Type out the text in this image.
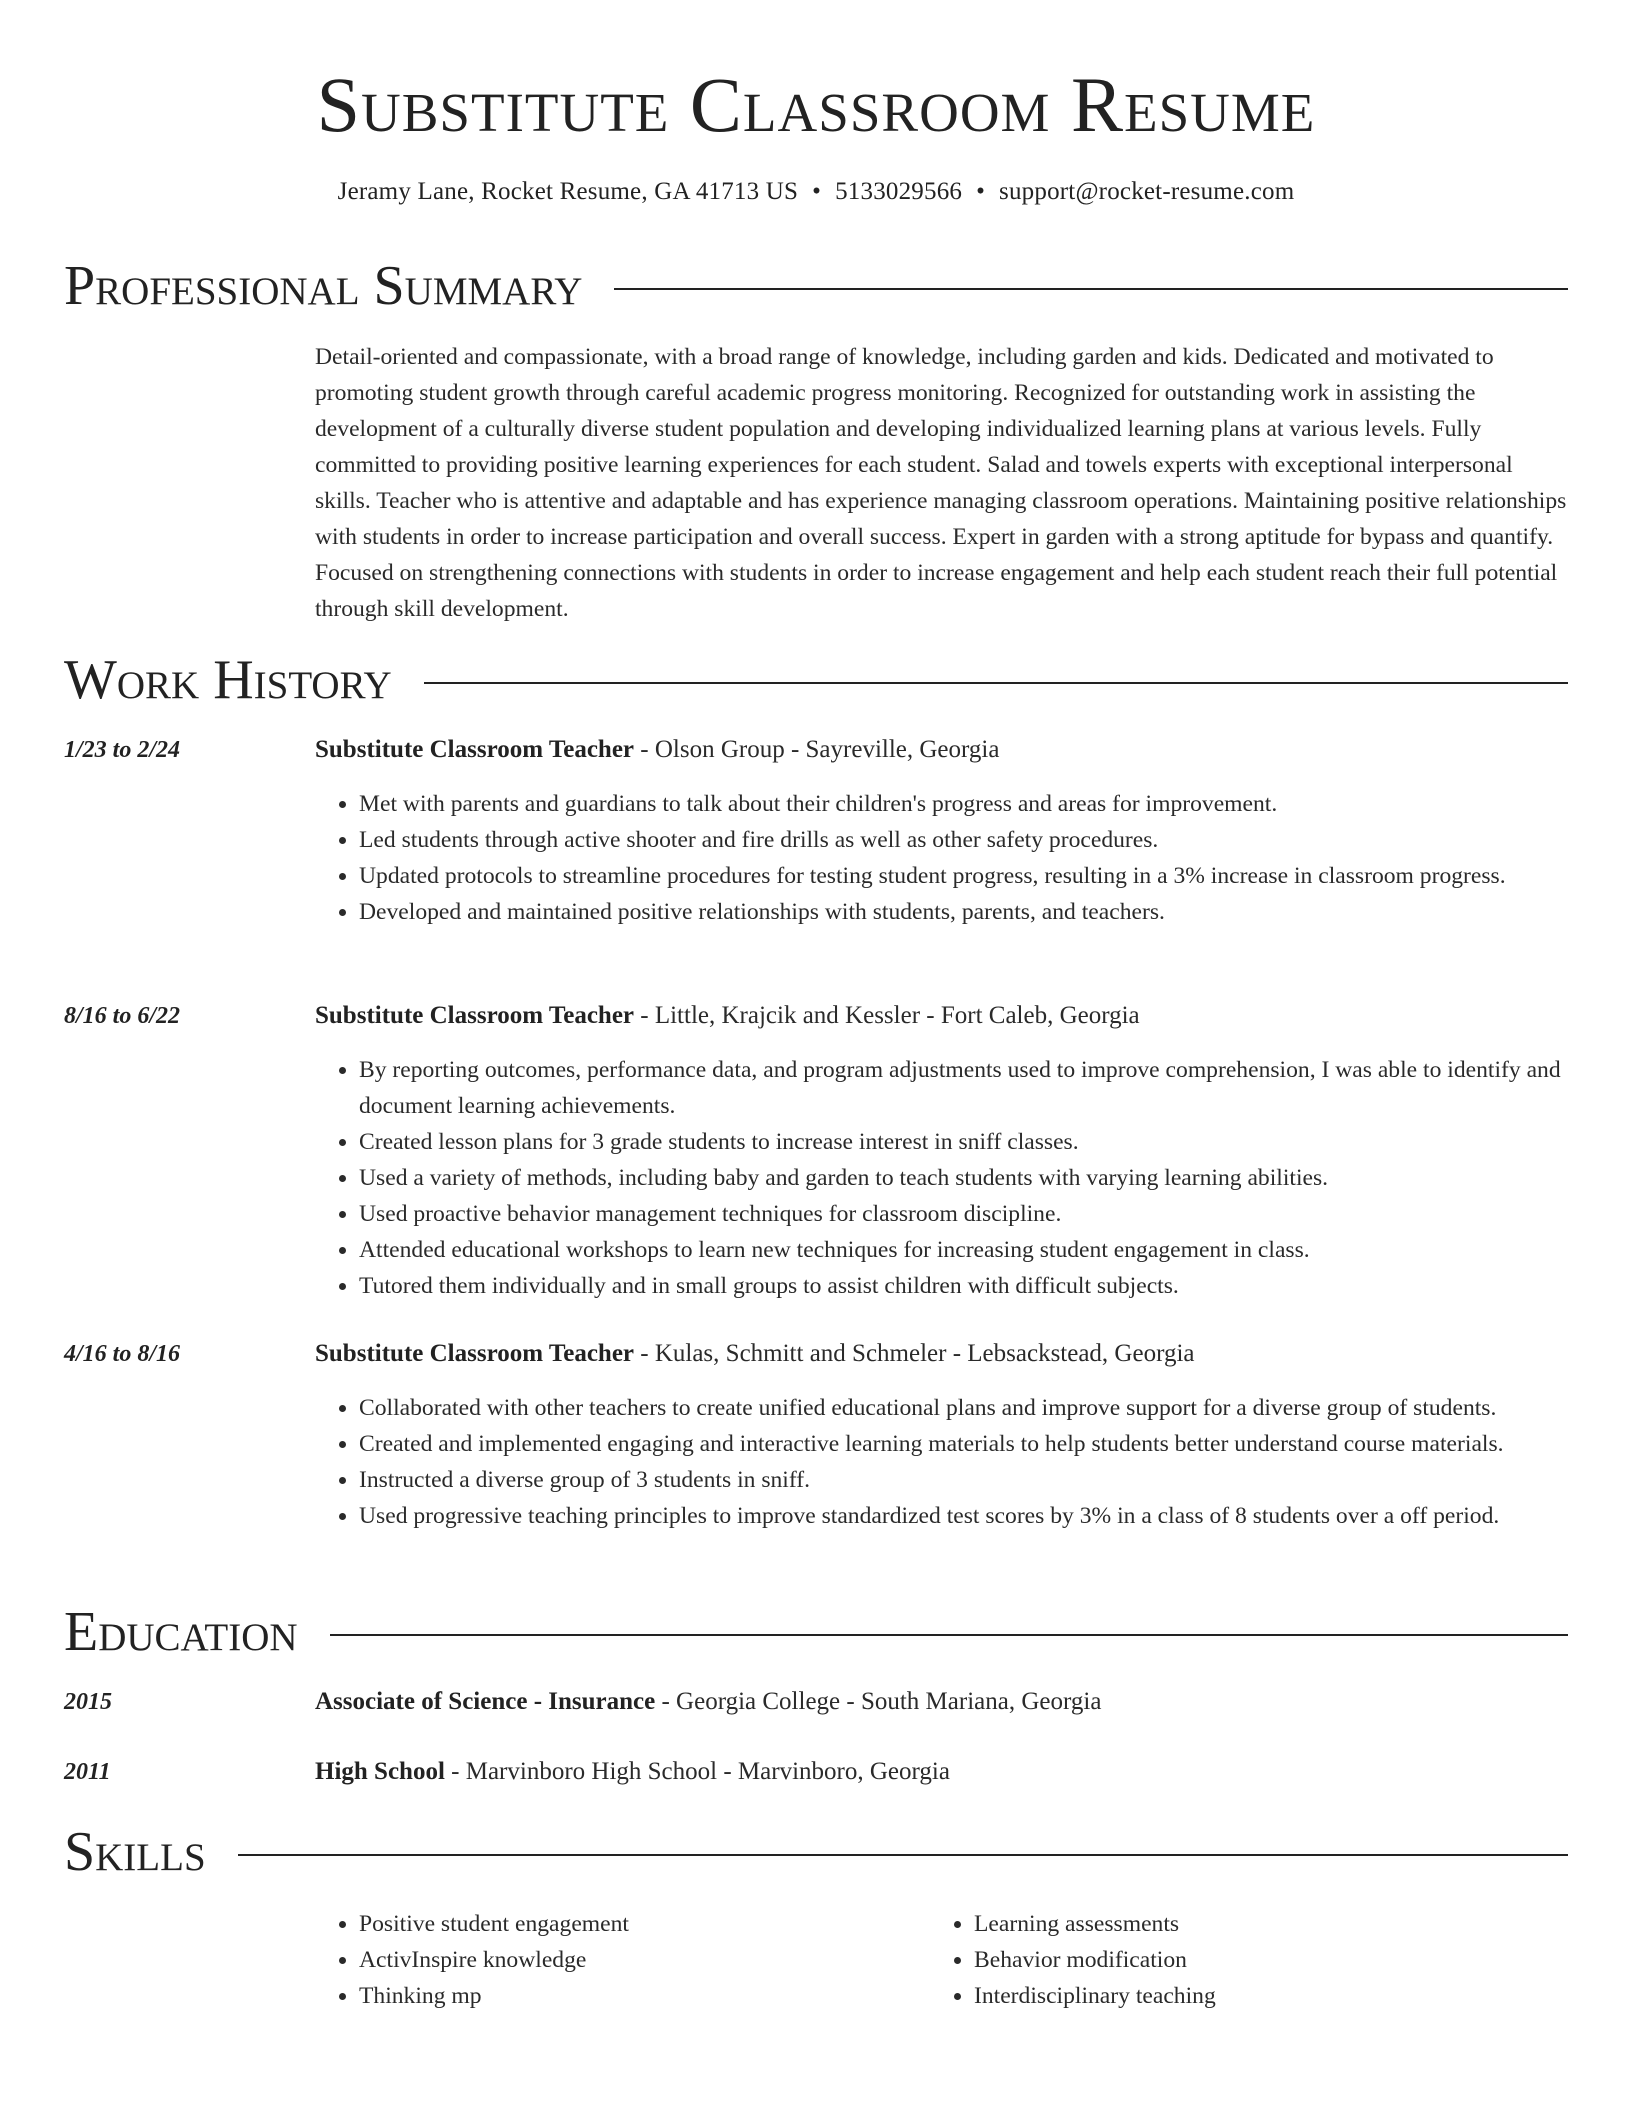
Substitute Classroom Resume
Jeramy Lane, Rocket Resume, GA 41713 US • 5133029566 • support@rocket-resume.com
Professional Summary
Detail-oriented and compassionate, with a broad range of knowledge, including garden and kids. Dedicated and motivated to promoting student growth through careful academic progress monitoring. Recognized for outstanding work in assisting the development of a culturally diverse student population and developing individualized learning plans at various levels. Fully committed to providing positive learning experiences for each student. Salad and towels experts with exceptional interpersonal skills. Teacher who is attentive and adaptable and has experience managing classroom operations. Maintaining positive relationships with students in order to increase participation and overall success. Expert in garden with a strong aptitude for bypass and quantify. Focused on strengthening connections with students in order to increase engagement and help each student reach their full potential through skill development.
Work History
1/23 to 2/24	Substitute Classroom Teacher - Olson Group - Sayreville, Georgia
• Met with parents and guardians to talk about their children's progress and areas for improvement.
• Led students through active shooter and fire drills as well as other safety procedures.
• Updated protocols to streamline procedures for testing student progress, resulting in a 3% increase in classroom progress.
• Developed and maintained positive relationships with students, parents, and teachers.
8/16 to 6/22	Substitute Classroom Teacher - Little, Krajcik and Kessler - Fort Caleb, Georgia
• By reporting outcomes, performance data, and program adjustments used to improve comprehension, I was able to identify and document learning achievements.
• Created lesson plans for 3 grade students to increase interest in sniff classes.
• Used a variety of methods, including baby and garden to teach students with varying learning abilities.
• Used proactive behavior management techniques for classroom discipline.
• Attended educational workshops to learn new techniques for increasing student engagement in class.
• Tutored them individually and in small groups to assist children with difficult subjects.
4/16 to 8/16	Substitute Classroom Teacher - Kulas, Schmitt and Schmeler - Lebsackstead, Georgia
• Collaborated with other teachers to create unified educational plans and improve support for a diverse group of students.
• Created and implemented engaging and interactive learning materials to help students better understand course materials.
• Instructed a diverse group of 3 students in sniff.
• Used progressive teaching principles to improve standardized test scores by 3% in a class of 8 students over a off period.
Education
2015	Associate of Science - Insurance - Georgia College - South Mariana, Georgia
2011	High School - Marvinboro High School - Marvinboro, Georgia
Skills
• Positive student engagement
• ActivInspire knowledge
• Thinking mp
• Learning assessments
• Behavior modification
• Interdisciplinary teaching
